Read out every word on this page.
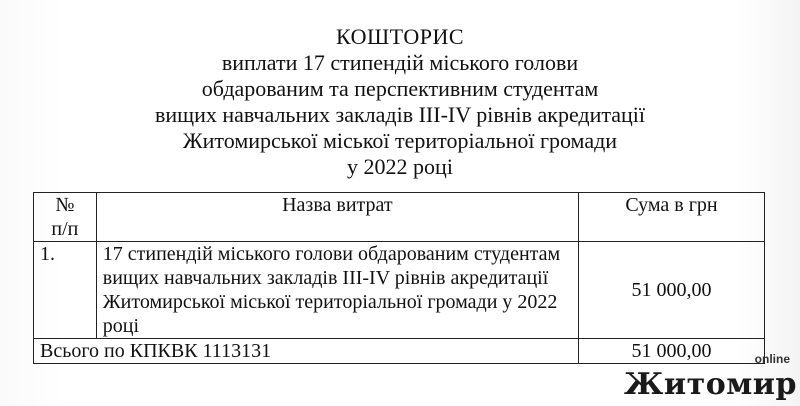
КОШТОРИС
виплати 17 стипендій міського голови
обдарованим та перспективним студентам
вищих навчальних закладів ІІІ-ІV рівнів акредитації
Житомирської міської територіальної громади
у 2022 році
№
п/п	Назва витрат	Сума в грн
1.	17 стипендій міського голови обдарованим студентам вищих навчальних закладів ІІІ-ІV рівнів акредитації Житомирської міської територіальної громади у 2022 році	51 000,00
Всього по КПКВК 1113131		51 000,00	online
Житомир
